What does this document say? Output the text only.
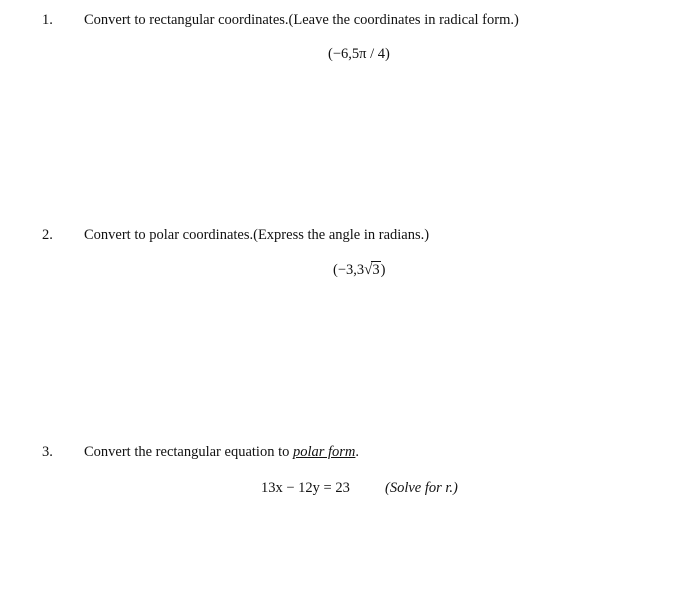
1. Convert to rectangular coordinates.(Leave the coordinates in radical form.)
(−6,5π / 4)
2. Convert to polar coordinates.(Express the angle in radians.)
(−3,3√3)
3. Convert the rectangular equation to polar form.
13x − 12y = 23 (Solve for r.)
